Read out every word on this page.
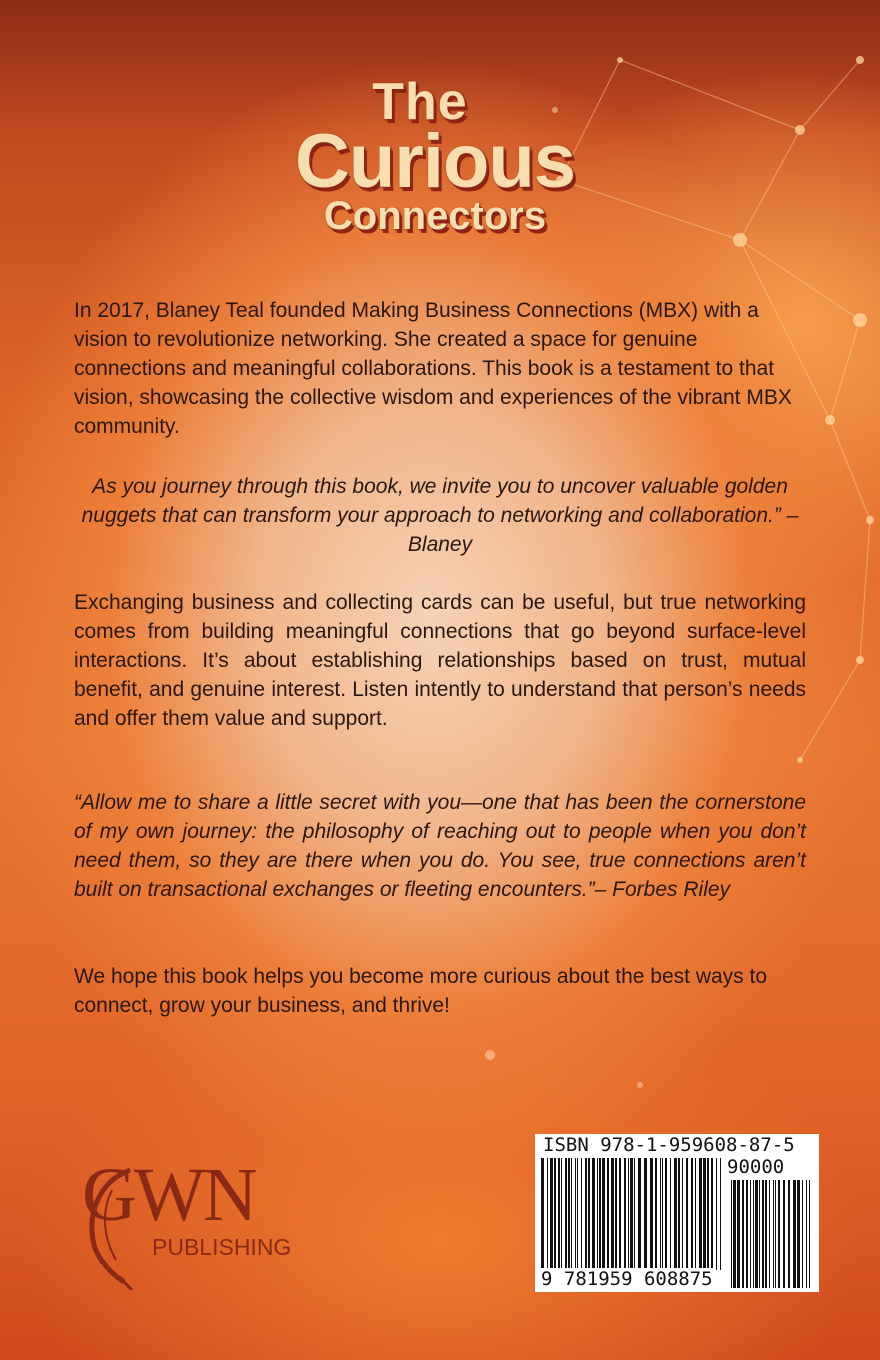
The
Curious
Connectors
In 2017, Blaney Teal founded Making Business Connections (MBX) with a vision to revolutionize networking. She created a space for genuine connections and meaningful collaborations. This book is a testament to that vision, showcasing the collective wisdom and experiences of the vibrant MBX community.
As you journey through this book, we invite you to uncover valuable golden nuggets that can transform your approach to networking and collaboration.” – Blaney
Exchanging business and collecting cards can be useful, but true networking comes from building meaningful connections that go beyond surface-level interactions. It’s about establishing relationships based on trust, mutual benefit, and genuine interest. Listen intently to understand that person’s needs and offer them value and support.
“Allow me to share a little secret with you—one that has been the cornerstone of my own journey: the philosophy of reaching out to people when you don’t need them, so they are there when you do. You see, true connections aren’t built on transactional exchanges or fleeting encounters.”– Forbes Riley
We hope this book helps you become more curious about the best ways to connect, grow your business, and thrive!
GWN
PUBLISHING
ISBN 978-1-959608-87-5
90000
9 781959 608875
